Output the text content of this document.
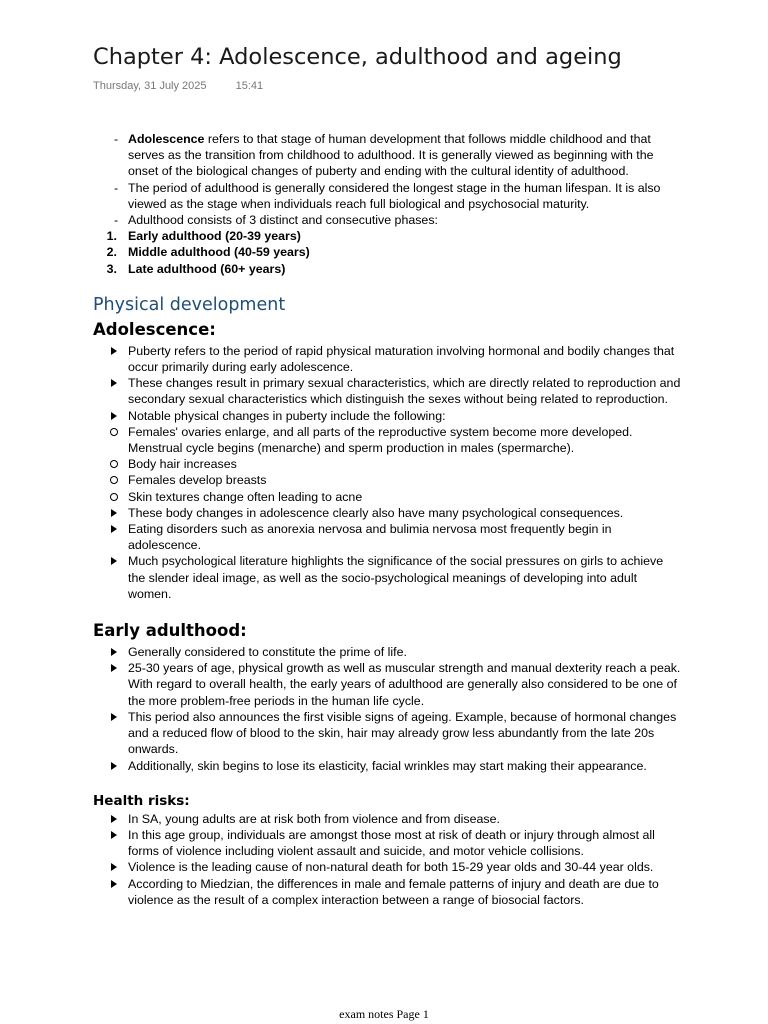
Chapter 4: Adolescence, adulthood and ageing
Thursday, 31 July 2025	15:41
- Adolescence refers to that stage of human development that follows middle childhood and that serves as the transition from childhood to adulthood. It is generally viewed as beginning with the onset of the biological changes of puberty and ending with the cultural identity of adulthood.
- The period of adulthood is generally considered the longest stage in the human lifespan. It is also viewed as the stage when individuals reach full biological and psychosocial maturity.
- Adulthood consists of 3 distinct and consecutive phases:
1. Early adulthood (20-39 years)
2. Middle adulthood (40-59 years)
3. Late adulthood (60+ years)
Physical development
Adolescence:
Puberty refers to the period of rapid physical maturation involving hormonal and bodily changes that occur primarily during early adolescence.
These changes result in primary sexual characteristics, which are directly related to reproduction and secondary sexual characteristics which distinguish the sexes without being related to reproduction.
Notable physical changes in puberty include the following:
Females' ovaries enlarge, and all parts of the reproductive system become more developed. Menstrual cycle begins (menarche) and sperm production in males (spermarche).
Body hair increases
Females develop breasts
Skin textures change often leading to acne
These body changes in adolescence clearly also have many psychological consequences.
Eating disorders such as anorexia nervosa and bulimia nervosa most frequently begin in adolescence.
Much psychological literature highlights the significance of the social pressures on girls to achieve the slender ideal image, as well as the socio-psychological meanings of developing into adult women.
Early adulthood:
Generally considered to constitute the prime of life.
25-30 years of age, physical growth as well as muscular strength and manual dexterity reach a peak. With regard to overall health, the early years of adulthood are generally also considered to be one of the more problem-free periods in the human life cycle.
This period also announces the first visible signs of ageing. Example, because of hormonal changes and a reduced flow of blood to the skin, hair may already grow less abundantly from the late 20s onwards.
Additionally, skin begins to lose its elasticity, facial wrinkles may start making their appearance.
Health risks:
In SA, young adults are at risk both from violence and from disease.
In this age group, individuals are amongst those most at risk of death or injury through almost all forms of violence including violent assault and suicide, and motor vehicle collisions.
Violence is the leading cause of non-natural death for both 15-29 year olds and 30-44 year olds.
According to Miedzian, the differences in male and female patterns of injury and death are due to violence as the result of a complex interaction between a range of biosocial factors.
exam notes Page 1
